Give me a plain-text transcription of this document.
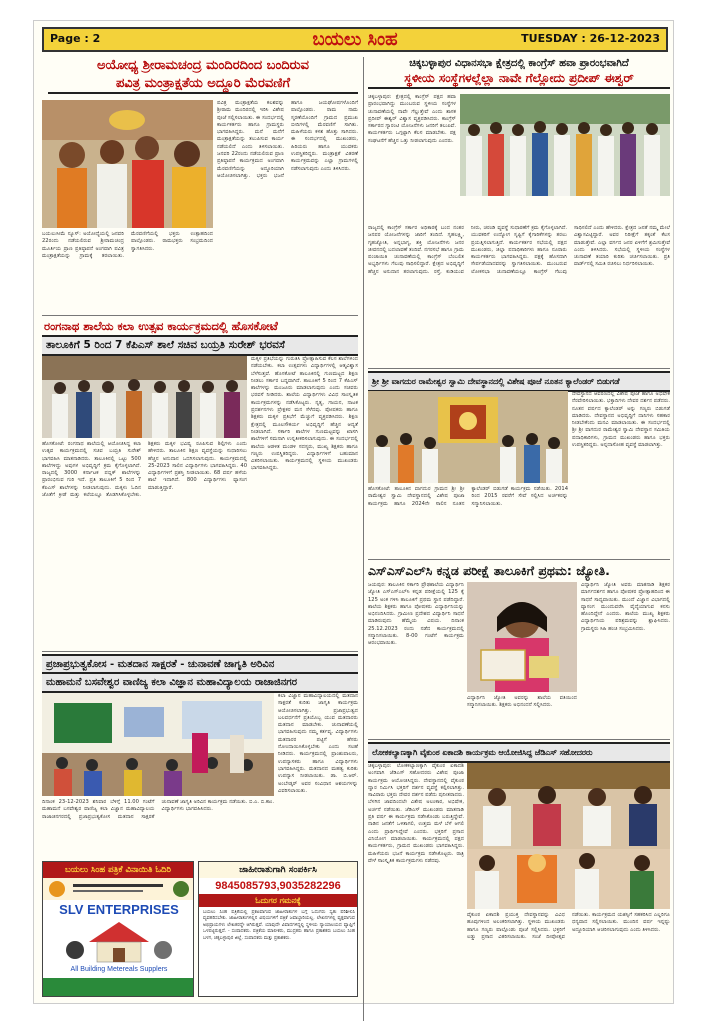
Page : 2	ಬಯಲು ಸಿಂಹ	TUESDAY : 26-12-2023
ಅಯೋಧ್ಯ ಶ್ರೀರಾಮಚಂದ್ರ ಮಂದಿರದಿಂದ ಬಂದಿರುವ
ಪವಿತ್ರ ಮಂತ್ರಾಕ್ಷತೆಯ ಅದ್ದೂರಿ ಮೆರವಣಿಗೆ
ಪವಿತ್ರ ಮಂತ್ರಾಕ್ಷತೆಯ ಕಲಶವನ್ನು ಶ್ರೀರಾಮ ಮಂದಿರದಲ್ಲಿ ಇರಿಸಿ ವಿಶೇಷ ಪೂಜೆ ಸಲ್ಲಿಸಲಾಯಿತು. ಈ ಸಂದರ್ಭದಲ್ಲಿ ಕಾರ್ಯಕರ್ತರು ಹಾಗೂ ಗ್ರಾಮಸ್ಥರು ಭಾಗವಹಿಸಿದ್ದರು. ಮನೆ ಮನೆಗೆ ಮಂತ್ರಾಕ್ಷತೆಯನ್ನು ತಲುಪಿಸುವ ಕಾರ್ಯ ನಡೆಯಲಿದೆ ಎಂದು ತಿಳಿಸಲಾಯಿತು. ಜನವರಿ 22ರಂದು ನಡೆಯಲಿರುವ ಪ್ರಾಣ ಪ್ರತಿಷ್ಠಾಪನೆ ಕಾರ್ಯಕ್ರಮದ ಅಂಗವಾಗಿ ಮೆರವಣಿಗೆಯನ್ನು ಅದ್ದೂರಿಯಾಗಿ ಆಯೋಜಿಸಲಾಗಿತ್ತು. ಭಕ್ತರು ಭಜನೆ ಹಾಗೂ ಜಯಘೋಷಗಳೊಂದಿಗೆ ಪಾಲ್ಗೊಂಡರು. ರಾಮ ನಾಮ ಸ್ಮರಣೆಯೊಂದಿಗೆ ಗ್ರಾಮದ ಪ್ರಮುಖ ಬೀದಿಗಳಲ್ಲಿ ಮೆರವಣಿಗೆ ಸಾಗಿತು. ಮಹಿಳೆಯರು ಕಳಶ ಹೊತ್ತು ಸಾಗಿದರು. ಈ ಸಂದರ್ಭದಲ್ಲಿ ಮುಖಂಡರು, ಹಿರಿಯರು ಹಾಗೂ ಯುವಕರು ಉಪಸ್ಥಿತರಿದ್ದರು. ಮಂತ್ರಾಕ್ಷತೆ ವಿತರಣೆ ಕಾರ್ಯಕ್ರಮವನ್ನು ಎಲ್ಲಾ ಗ್ರಾಮಗಳಲ್ಲಿ ನಡೆಸಲಾಗುವುದು ಎಂದು ತಿಳಿಸಿದರು.
ಬಯಲುಸೀಮೆ ನ್ಯೂಸ್: ಅಯೋಧ್ಯೆಯಲ್ಲಿ ಜನವರಿ 22ರಂದು ನಡೆಯಲಿರುವ ಶ್ರೀರಾಮಚಂದ್ರ ಮೂರ್ತಿಯ ಪ್ರಾಣ ಪ್ರತಿಷ್ಠಾಪನೆ ಅಂಗವಾಗಿ ಪವಿತ್ರ ಮಂತ್ರಾಕ್ಷತೆಯನ್ನು ಗ್ರಾಮಕ್ಕೆ ತರಲಾಯಿತು. ಮೆರವಣಿಗೆಯಲ್ಲಿ ಭಕ್ತರು ಉತ್ಸಾಹದಿಂದ ಪಾಲ್ಗೊಂಡರು. ರಾಮಭಕ್ತರು ಸಂಭ್ರಮದಿಂದ ಸ್ವಾಗತಿಸಿದರು.
ರಂಗನಾಥ ಶಾಲೆಯ ಕಲಾ ಉತ್ಸವ ಕಾರ್ಯಕ್ರಮದಲ್ಲಿ ಹೊಸಕೋಟೆ
ತಾಲೂಕಿಗೆ 5 ರಿಂದ 7 ಕೆಪಿಎಸ್ ಶಾಲೆ ಸಚಿವ ಬಯ್ರತಿ ಸುರೇಶ್ ಭರವಸೆ
ಮಕ್ಕಳ ಪ್ರತಿಭೆಯನ್ನು ಗುರುತಿಸಿ ಪ್ರೋತ್ಸಾಹಿಸುವ ಕೆಲಸ ಶಾಲೆಗಳಿಂದ ನಡೆಯಬೇಕು. ಕಲಾ ಉತ್ಸವಗಳು ವಿದ್ಯಾರ್ಥಿಗಳಲ್ಲಿ ಆತ್ಮವಿಶ್ವಾಸ ಬೆಳೆಸುತ್ತವೆ. ಹೊಸಕೋಟೆ ತಾಲೂಕಿನಲ್ಲಿ ಗುಣಮಟ್ಟದ ಶಿಕ್ಷಣ ನೀಡಲು ಸರ್ಕಾರ ಬದ್ಧವಾಗಿದೆ. ತಾಲೂಕಿಗೆ 5 ರಿಂದ 7 ಕೆಪಿಎಸ್ ಶಾಲೆಗಳನ್ನು ಮಂಜೂರು ಮಾಡಲಾಗುವುದು ಎಂದು ಸಚಿವರು ಭರವಸೆ ನೀಡಿದರು. ಶಾಲೆಯ ವಿದ್ಯಾರ್ಥಿಗಳು ವಿವಿಧ ಸಾಂಸ್ಕೃತಿಕ ಕಾರ್ಯಕ್ರಮಗಳನ್ನು ನಡೆಸಿಕೊಟ್ಟರು. ನೃತ್ಯ, ಗಾಯನ, ನಾಟಕ ಪ್ರದರ್ಶನಗಳು ಪ್ರೇಕ್ಷಕರ ಮನ ಸೆಳೆದವು. ಪೋಷಕರು ಹಾಗೂ ಶಿಕ್ಷಕರು ಮಕ್ಕಳ ಪ್ರತಿಭೆಗೆ ಮೆಚ್ಚುಗೆ ವ್ಯಕ್ತಪಡಿಸಿದರು. ಶಿಕ್ಷಣ ಕ್ಷೇತ್ರದಲ್ಲಿ ಮೂಲಸೌಕರ್ಯ ಅಭಿವೃದ್ಧಿಗೆ ಹೆಚ್ಚಿನ ಆದ್ಯತೆ ನೀಡಲಾಗಿದೆ. ಸರ್ಕಾರಿ ಶಾಲೆಗಳ ಗುಣಮಟ್ಟವನ್ನು ಖಾಸಗಿ ಶಾಲೆಗಳಿಗೆ ಸಮನಾಗಿ ಉನ್ನತೀಕರಿಸಲಾಗುವುದು. ಈ ಸಂದರ್ಭದಲ್ಲಿ ಶಾಲೆಯ ಆಡಳಿತ ಮಂಡಳಿ ಸದಸ್ಯರು, ಮುಖ್ಯ ಶಿಕ್ಷಕರು ಹಾಗೂ ಗಣ್ಯರು ಉಪಸ್ಥಿತರಿದ್ದರು. ವಿದ್ಯಾರ್ಥಿಗಳಿಗೆ ಬಹುಮಾನ ವಿತರಿಸಲಾಯಿತು. ಕಾರ್ಯಕ್ರಮದಲ್ಲಿ ಸ್ಥಳೀಯ ಮುಖಂಡರು ಭಾಗವಹಿಸಿದ್ದರು.
ಹೊಸಕೋಟೆ: ರಂಗನಾಥ ಶಾಲೆಯಲ್ಲಿ ಆಯೋಜಿಸಿದ್ದ ಕಲಾ ಉತ್ಸವ ಕಾರ್ಯಕ್ರಮದಲ್ಲಿ ಸಚಿವ ಬಯ್ರತಿ ಸುರೇಶ್ ಭಾಗವಹಿಸಿ ಮಾತನಾಡಿದರು. ತಾಲೂಕಿನಲ್ಲಿ ಒಟ್ಟು 500 ಶಾಲೆಗಳಿದ್ದು ಅವುಗಳ ಅಭಿವೃದ್ಧಿಗೆ ಕ್ರಮ ಕೈಗೊಳ್ಳಲಾಗಿದೆ. ರಾಜ್ಯದಲ್ಲಿ 3000 ಕರ್ನಾಟಕ ಪಬ್ಲಿಕ್ ಶಾಲೆಗಳನ್ನು ಪ್ರಾರಂಭಿಸುವ ಗುರಿ ಇದೆ. ಪ್ರತಿ ತಾಲೂಕಿಗೆ 5 ರಿಂದ 7 ಕೆಪಿಎಸ್ ಶಾಲೆಗಳನ್ನು ನೀಡಲಾಗುವುದು. ಮಕ್ಕಳು ಓದಿನ ಜೊತೆಗೆ ಕ್ರೀಡೆ ಮತ್ತು ಕಲೆಯಲ್ಲೂ ತೊಡಗಿಸಿಕೊಳ್ಳಬೇಕು. ಶಿಕ್ಷಕರು ಮಕ್ಕಳ ಭವಿಷ್ಯ ರೂಪಿಸುವ ಶಿಲ್ಪಿಗಳು ಎಂದು ಹೇಳಿದರು. ತಾಲೂಕಿನ ಶಿಕ್ಷಣ ವ್ಯವಸ್ಥೆಯನ್ನು ಸುಧಾರಿಸಲು ಹೆಚ್ಚಿನ ಅನುದಾನ ಒದಗಿಸಲಾಗುವುದು. ಕಾರ್ಯಕ್ರಮದಲ್ಲಿ 25-2023 ಸಾಲಿನ ವಿದ್ಯಾರ್ಥಿಗಳು ಭಾಗವಹಿಸಿದ್ದರು. 40 ವಿದ್ಯಾರ್ಥಿಗಳಿಗೆ ಪ್ರಶಸ್ತಿ ನೀಡಲಾಯಿತು. 68 ವರ್ಷ ಹಳೆಯ ಶಾಲೆ ಇದಾಗಿದೆ. 800 ವಿದ್ಯಾರ್ಥಿಗಳು ವ್ಯಾಸಂಗ ಮಾಡುತ್ತಿದ್ದಾರೆ.
ಪ್ರಜಾಪ್ರಭುತ್ವಕೋಸ - ಮತದಾನ ಸಾಕ್ಷರತೆ - ಚುನಾವಣೆ ಜಾಗೃತಿ ಅರಿವಿನ
ಮಹಾಮನೆ ಬಸವೇಶ್ವರ ವಾಣಿಜ್ಯ ಕಲಾ ವಿಜ್ಞಾನ ಮಹಾವಿದ್ಯಾಲಯ ರಾಜಾಜಿನಗರ
ಕಲಾ ವಿಜ್ಞಾನ ಮಹಾವಿದ್ಯಾಲಯದಲ್ಲಿ ಮತದಾನ ಸಾಕ್ಷರತೆ ಕುರಿತು ಜಾಗೃತಿ ಕಾರ್ಯಕ್ರಮ ಆಯೋಜಿಸಲಾಗಿತ್ತು. ಪ್ರಜಾಪ್ರಭುತ್ವದ ಬಲವರ್ಧನೆಗೆ ಪ್ರತಿಯೊಬ್ಬ ಯುವ ಮತದಾರರು ಮತದಾನ ಮಾಡಬೇಕು. ಚುನಾವಣೆಯಲ್ಲಿ ಭಾಗವಹಿಸುವುದು ನಮ್ಮ ಕರ್ತವ್ಯ. ವಿದ್ಯಾರ್ಥಿಗಳು ಮತದಾರರ ಪಟ್ಟಿಗೆ ಹೆಸರು ನೋಂದಾಯಿಸಿಕೊಳ್ಳಬೇಕು ಎಂದು ಸಲಹೆ ನೀಡಿದರು. ಕಾರ್ಯಕ್ರಮದಲ್ಲಿ ಪ್ರಾಂಶುಪಾಲರು, ಉಪನ್ಯಾಸಕರು ಹಾಗೂ ವಿದ್ಯಾರ್ಥಿಗಳು ಭಾಗವಹಿಸಿದ್ದರು. ಮತದಾನದ ಮಹತ್ವ ಕುರಿತು ಉಪನ್ಯಾಸ ನೀಡಲಾಯಿತು. ಡಾ. ಬಿ.ಆರ್. ಅಂಬೇಡ್ಕರ್ ಅವರ ಸಂವಿಧಾನ ಆಶಯಗಳನ್ನು ವಿವರಿಸಲಾಯಿತು.
ದಿನಾಂಕ 23-12-2023 ಶನಿವಾರ ಬೆಳಿಗ್ಗೆ 11.00 ಗಂಟೆಗೆ ಮಹಾಮನೆ ಬಸವೇಶ್ವರ ವಾಣಿಜ್ಯ ಕಲಾ ವಿಜ್ಞಾನ ಮಹಾವಿದ್ಯಾಲಯ ರಾಜಾಜಿನಗರದಲ್ಲಿ ಪ್ರಜಾಪ್ರಭುತ್ವಕೋಸ ಮತದಾನ ಸಾಕ್ಷರತೆ ಚುನಾವಣೆ ಜಾಗೃತಿ ಅರಿವಿನ ಕಾರ್ಯಕ್ರಮ ನಡೆಯಿತು. ಬಿ.ಎ. ಬಿ.ಕಾಂ. ವಿದ್ಯಾರ್ಥಿಗಳು ಭಾಗವಹಿಸಿದರು.
ಬಯಲು ಸಿಂಹ ಪತ್ರಿಕೆ ವಿನಾಯಿತಿ ಓದಿರಿ
SLV ENTERPRISES
All Building Metereals Supplers
ಜಾಹೀರಾತುಗಾಗಿ ಸಂಪರ್ಕಿಸಿ
9845085793,9035282296
ಓದುಗರ ಗಮನಕ್ಕೆ
ಬಯಲು ಸಿಂಹ ಪತ್ರಿಕೆಯಲ್ಲಿ ಪ್ರಕಟವಾಗುವ ಜಾಹೀರಾತುಗಳ ಬಗ್ಗೆ ಓದುಗರು ಸ್ವತಃ ಪರಿಶೀಲಿಸಿ ವ್ಯವಹರಿಸಬೇಕು. ಜಾಹೀರಾತುಗಳಲ್ಲಿನ ವಿಷಯಗಳಿಗೆ ಪತ್ರಿಕೆ ಜವಾಬ್ದಾರಿಯಲ್ಲ. ಲೇಖನಗಳಲ್ಲಿ ವ್ಯಕ್ತವಾಗುವ ಅಭಿಪ್ರಾಯಗಳು ಲೇಖಕರದ್ದೇ ಆಗಿರುತ್ತವೆ. ಯಾವುದೇ ವಿವಾದಗಳಿದ್ದಲ್ಲಿ ಸ್ಥಳೀಯ ನ್ಯಾಯಾಲಯದ ವ್ಯಾಪ್ತಿಗೆ ಒಳಪಟ್ಟಿರುತ್ತದೆ. - ಸಂಪಾದಕರು. ಪತ್ರಿಕೆಯ ಮಾಲೀಕರು, ಮುದ್ರಕರು ಹಾಗೂ ಪ್ರಕಾಶಕರು ಬಯಲು ಸಿಂಹ ಬಳಗ, ಚಿಕ್ಕಬಳ್ಳಾಪುರ ಜಿಲ್ಲೆ. ಸಂಪಾದಕರು ಮತ್ತು ಪ್ರಕಾಶಕರು.
ಚಿಕ್ಕಬಳ್ಳಾಪುರ ವಿಧಾನಸಭಾ ಕ್ಷೇತ್ರದಲ್ಲಿ ಕಾಂಗ್ರೆಸ್ ಹವಾ ಪ್ರಾರಂಭವಾಗಿದೆ
ಸ್ಥಳೀಯ ಸಂಸ್ಥೆಗಳಲ್ಲೆಲ್ಲಾ ನಾವೇ ಗೆಲ್ಲೋದು ಪ್ರದೀಪ್ ಈಶ್ವರ್
ಚಿಕ್ಕಬಳ್ಳಾಪುರ: ಕ್ಷೇತ್ರದಲ್ಲಿ ಕಾಂಗ್ರೆಸ್ ಪಕ್ಷದ ಹವಾ ಪ್ರಾರಂಭವಾಗಿದ್ದು ಮುಂಬರುವ ಸ್ಥಳೀಯ ಸಂಸ್ಥೆಗಳ ಚುನಾವಣೆಯಲ್ಲಿ ನಾವೇ ಗೆಲ್ಲುತ್ತೇವೆ ಎಂದು ಶಾಸಕ ಪ್ರದೀಪ್ ಈಶ್ವರ್ ವಿಶ್ವಾಸ ವ್ಯಕ್ತಪಡಿಸಿದರು. ಕಾಂಗ್ರೆಸ್ ಸರ್ಕಾರದ ಗ್ಯಾರಂಟಿ ಯೋಜನೆಗಳು ಜನರಿಗೆ ತಲುಪಿವೆ. ಕಾರ್ಯಕರ್ತರು ಒಗ್ಗಟ್ಟಾಗಿ ಕೆಲಸ ಮಾಡಬೇಕು. ಪಕ್ಷ ಸಂಘಟನೆಗೆ ಹೆಚ್ಚಿನ ಒತ್ತು ನೀಡಲಾಗುವುದು ಎಂದರು.
ರಾಜ್ಯದಲ್ಲಿ ಕಾಂಗ್ರೆಸ್ ಸರ್ಕಾರ ಅಧಿಕಾರಕ್ಕೆ ಬಂದ ನಂತರ ಜನಪರ ಯೋಜನೆಗಳನ್ನು ಜಾರಿಗೆ ತಂದಿದೆ. ಗೃಹಲಕ್ಷ್ಮಿ, ಗೃಹಜ್ಯೋತಿ, ಅನ್ನಭಾಗ್ಯ, ಶಕ್ತಿ ಯೋಜನೆಗಳು ಜನರ ಜೀವನದಲ್ಲಿ ಬದಲಾವಣೆ ತಂದಿವೆ. ನಗರಸಭೆ ಹಾಗೂ ಗ್ರಾಮ ಪಂಚಾಯಿತಿ ಚುನಾವಣೆಯಲ್ಲಿ ಕಾಂಗ್ರೆಸ್ ಬೆಂಬಲಿತ ಅಭ್ಯರ್ಥಿಗಳು ಗೆಲುವು ಸಾಧಿಸಲಿದ್ದಾರೆ. ಕ್ಷೇತ್ರದ ಅಭಿವೃದ್ಧಿಗೆ ಹೆಚ್ಚಿನ ಅನುದಾನ ತರಲಾಗುವುದು. ರಸ್ತೆ, ಕುಡಿಯುವ ನೀರು, ಚರಂಡಿ ವ್ಯವಸ್ಥೆ ಸುಧಾರಣೆಗೆ ಕ್ರಮ ಕೈಗೊಳ್ಳಲಾಗಿದೆ. ಯುವಕರಿಗೆ ಉದ್ಯೋಗ ಸೃಷ್ಟಿಗೆ ಕೈಗಾರಿಕೆಗಳನ್ನು ತರಲು ಪ್ರಯತ್ನಿಸಲಾಗುತ್ತಿದೆ. ಕಾರ್ಯಕರ್ತರ ಸಭೆಯಲ್ಲಿ ಪಕ್ಷದ ಮುಖಂಡರು, ಜಿಲ್ಲಾ ಪದಾಧಿಕಾರಿಗಳು ಹಾಗೂ ನೂರಾರು ಕಾರ್ಯಕರ್ತರು ಭಾಗವಹಿಸಿದ್ದರು. ಪಕ್ಷಕ್ಕೆ ಹೊಸದಾಗಿ ಸೇರ್ಪಡೆಯಾದವರನ್ನು ಸ್ವಾಗತಿಸಲಾಯಿತು. ಮುಂಬರುವ ಲೋಕಸಭಾ ಚುನಾವಣೆಯಲ್ಲೂ ಕಾಂಗ್ರೆಸ್ ಗೆಲುವು ಸಾಧಿಸಲಿದೆ ಎಂದು ಹೇಳಿದರು. ಕ್ಷೇತ್ರದ ಜನತೆ ನಮ್ಮ ಮೇಲೆ ವಿಶ್ವಾಸವಿಟ್ಟಿದ್ದಾರೆ. ಅವರ ನಿರೀಕ್ಷೆಗೆ ತಕ್ಕಂತೆ ಕೆಲಸ ಮಾಡುತ್ತೇವೆ. ಎಲ್ಲಾ ವರ್ಗದ ಜನರ ಏಳಿಗೆಗೆ ಶ್ರಮಿಸುತ್ತೇವೆ ಎಂದು ತಿಳಿಸಿದರು. ಸಭೆಯಲ್ಲಿ ಸ್ಥಳೀಯ ಸಂಸ್ಥೆಗಳ ಚುನಾವಣೆ ತಯಾರಿ ಕುರಿತು ಚರ್ಚಿಸಲಾಯಿತು. ಪ್ರತಿ ವಾರ್ಡ್‌ನಲ್ಲಿ ಸಮಿತಿ ರಚಿಸಲು ನಿರ್ಧರಿಸಲಾಯಿತು.
ಶ್ರೀ ಶ್ರೀ ವಾಗದುರ ರಾಮೇಶ್ವರ ಸ್ವಾಮಿ ದೇವಸ್ಥಾನದಲ್ಲಿ ವಿಶೇಷ ಪೂಜೆ ನೂತನ ಕ್ಯಾಲೆಂಡರ್ ಬಿಡುಗಡೆ
ದೇವಸ್ಥಾನದ ಆವರಣದಲ್ಲಿ ವಿಶೇಷ ಪೂಜೆ ಹಾಗೂ ಅಭಿಷೇಕ ನೆರವೇರಿಸಲಾಯಿತು. ಭಕ್ತಾದಿಗಳು ದೇವರ ದರ್ಶನ ಪಡೆದರು. ನೂತನ ವರ್ಷದ ಕ್ಯಾಲೆಂಡರ್ ಅನ್ನು ಗಣ್ಯರು ಬಿಡುಗಡೆ ಮಾಡಿದರು. ದೇವಸ್ಥಾನದ ಅಭಿವೃದ್ಧಿಗೆ ದಾನಿಗಳು ಸಹಕಾರ ನೀಡಬೇಕೆಂದು ಮನವಿ ಮಾಡಲಾಯಿತು. ಈ ಸಂದರ್ಭದಲ್ಲಿ ಶ್ರೀ ಶ್ರೀ ವಾಗದುರ ರಾಮೇಶ್ವರ ಸ್ವಾಮಿ ದೇವಸ್ಥಾನ ಸಮಿತಿಯ ಪದಾಧಿಕಾರಿಗಳು, ಗ್ರಾಮದ ಮುಖಂಡರು ಹಾಗೂ ಭಕ್ತರು ಉಪಸ್ಥಿತರಿದ್ದರು. ಅನ್ನದಾಸೋಹ ವ್ಯವಸ್ಥೆ ಮಾಡಲಾಗಿತ್ತು.
ಹೊಸಕೋಟೆ: ತಾಲೂಕಿನ ವಾಗದುರ ಗ್ರಾಮದ ಶ್ರೀ ಶ್ರೀ ರಾಮೇಶ್ವರ ಸ್ವಾಮಿ ದೇವಸ್ಥಾನದಲ್ಲಿ ವಿಶೇಷ ಪೂಜಾ ಕಾರ್ಯಕ್ರಮ ಹಾಗೂ 2024ನೇ ಸಾಲಿನ ನೂತನ ಕ್ಯಾಲೆಂಡರ್ ಬಿಡುಗಡೆ ಕಾರ್ಯಕ್ರಮ ನಡೆಯಿತು. 2014 ರಿಂದ 2015 ರವರೆಗೆ ಸೇವೆ ಸಲ್ಲಿಸಿದ ಅರ್ಚಕರನ್ನು ಸನ್ಮಾನಿಸಲಾಯಿತು.
ಎಸ್ಎಸ್ಎಲ್‌ಸಿ ಕನ್ನಡ ಪರೀಕ್ಷೆ ತಾಲೂಕಿಗೆ ಪ್ರಥಮ: ಜ್ಯೋತಿ.
ಜಯಪುರ: ತಾಲೂಕಿನ ಸರ್ಕಾರಿ ಪ್ರೌಢಶಾಲೆಯ ವಿದ್ಯಾರ್ಥಿನಿ ಜ್ಯೋತಿ ಎಸ್ಎಸ್ಎಲ್‌ಸಿ ಕನ್ನಡ ಪರೀಕ್ಷೆಯಲ್ಲಿ 125 ಕ್ಕೆ 125 ಅಂಕ ಗಳಿಸಿ ತಾಲೂಕಿಗೆ ಪ್ರಥಮ ಸ್ಥಾನ ಪಡೆದಿದ್ದಾರೆ. ಶಾಲೆಯ ಶಿಕ್ಷಕರು ಹಾಗೂ ಪೋಷಕರು ವಿದ್ಯಾರ್ಥಿನಿಯನ್ನು ಅಭಿನಂದಿಸಿದರು. ಗ್ರಾಮೀಣ ಪ್ರದೇಶದ ವಿದ್ಯಾರ್ಥಿನಿ ಸಾಧನೆ ಮಾಡಿರುವುದು ಹೆಮ್ಮೆಯ ವಿಷಯ. ದಿನಾಂಕ 25.12.2023 ರಂದು ನಡೆದ ಕಾರ್ಯಕ್ರಮದಲ್ಲಿ ಸನ್ಮಾನಿಸಲಾಯಿತು. 8-00 ಗಂಟೆಗೆ ಕಾರ್ಯಕ್ರಮ ಆರಂಭವಾಯಿತು.
ವಿದ್ಯಾರ್ಥಿನಿ ಜ್ಯೋತಿ ಅವರು ಮಾತನಾಡಿ ಶಿಕ್ಷಕರ ಮಾರ್ಗದರ್ಶನ ಹಾಗೂ ಪೋಷಕರ ಪ್ರೋತ್ಸಾಹದಿಂದ ಈ ಸಾಧನೆ ಸಾಧ್ಯವಾಯಿತು. ಮುಂದೆ ವಿಜ್ಞಾನ ವಿಭಾಗದಲ್ಲಿ ವ್ಯಾಸಂಗ ಮುಂದುವರೆಸಿ ವೈದ್ಯೆಯಾಗುವ ಕನಸು ಹೊಂದಿದ್ದೇನೆ ಎಂದರು. ಶಾಲೆಯ ಮುಖ್ಯ ಶಿಕ್ಷಕರು ವಿದ್ಯಾರ್ಥಿನಿಯ ಪರಿಶ್ರಮವನ್ನು ಶ್ಲಾಘಿಸಿದರು. ಗ್ರಾಮಸ್ಥರು ಸಿಹಿ ಹಂಚಿ ಸಂಭ್ರಮಿಸಿದರು.
ವಿದ್ಯಾರ್ಥಿನಿ ಜ್ಯೋತಿ ಅವರನ್ನು ಶಾಲೆಯ ವತಿಯಿಂದ ಸನ್ಮಾನಿಸಲಾಯಿತು. ಶಿಕ್ಷಕರು ಅಭಿನಂದನೆ ಸಲ್ಲಿಸಿದರು.
ಲೋಕಕಲ್ಯಾಣಕ್ಕಾಗಿ ವೈಕುಂಠ ಏಕಾದಶಿ ಕಾರ್ಯಕ್ರಮ ಆಯೋಜಿಸಿದ್ದ ಜೆಡಿಎಸ್ ಸಹೋದರರು
ಚಿಕ್ಕಬಳ್ಳಾಪುರ: ಲೋಕಕಲ್ಯಾಣಕ್ಕಾಗಿ ವೈಕುಂಠ ಏಕಾದಶಿ ಅಂಗವಾಗಿ ಜೆಡಿಎಸ್ ಸಹೋದರರು ವಿಶೇಷ ಪೂಜಾ ಕಾರ್ಯಕ್ರಮ ಆಯೋಜಿಸಿದ್ದರು. ದೇವಸ್ಥಾನದಲ್ಲಿ ವೈಕುಂಠ ದ್ವಾರ ನಿರ್ಮಿಸಿ ಭಕ್ತರಿಗೆ ದರ್ಶನ ವ್ಯವಸ್ಥೆ ಕಲ್ಪಿಸಲಾಗಿತ್ತು. ಸಾವಿರಾರು ಭಕ್ತರು ದೇವರ ದರ್ಶನ ಪಡೆದು ಪುನೀತರಾದರು. ಬೆಳಗಿನ ಜಾವದಿಂದಲೇ ವಿಶೇಷ ಅಲಂಕಾರ, ಅಭಿಷೇಕ, ಅರ್ಚನೆ ನಡೆಯಿತು. ಜೆಡಿಎಸ್ ಮುಖಂಡರು ಮಾತನಾಡಿ ಪ್ರತಿ ವರ್ಷ ಈ ಕಾರ್ಯಕ್ರಮ ನಡೆಸಿಕೊಂಡು ಬರುತ್ತಿದ್ದೇವೆ. ನಾಡಿನ ಜನತೆಗೆ ಒಳಿತಾಗಲಿ, ಉತ್ತಮ ಮಳೆ ಬೆಳೆ ಆಗಲಿ ಎಂದು ಪ್ರಾರ್ಥಿಸಿದ್ದೇವೆ ಎಂದರು. ಭಕ್ತರಿಗೆ ಪ್ರಸಾದ ವಿನಿಯೋಗ ಮಾಡಲಾಯಿತು. ಕಾರ್ಯಕ್ರಮದಲ್ಲಿ ಪಕ್ಷದ ಕಾರ್ಯಕರ್ತರು, ಗ್ರಾಮದ ಮುಖಂಡರು ಭಾಗವಹಿಸಿದ್ದರು. ಮಹಿಳೆಯರು ಭಜನೆ ಕಾರ್ಯಕ್ರಮ ನಡೆಸಿಕೊಟ್ಟರು. ರಾತ್ರಿ ವೇಳೆ ಸಾಂಸ್ಕೃತಿಕ ಕಾರ್ಯಕ್ರಮಗಳು ನಡೆದವು.
ವೈಕುಂಠ ಏಕಾದಶಿ ಪ್ರಯುಕ್ತ ದೇವಸ್ಥಾನವನ್ನು ವಿವಿಧ ಹೂವುಗಳಿಂದ ಅಲಂಕರಿಸಲಾಗಿತ್ತು. ಸ್ಥಳೀಯ ಮುಖಂಡರು ಹಾಗೂ ಗಣ್ಯರು ಪಾಲ್ಗೊಂಡು ಪೂಜೆ ಸಲ್ಲಿಸಿದರು. ಭಕ್ತರಿಗೆ ಲಡ್ಡು ಪ್ರಸಾದ ವಿತರಿಸಲಾಯಿತು. ಸಂಜೆ ದೀಪೋತ್ಸವ ನಡೆಯಿತು. ಕಾರ್ಯಕ್ರಮದ ಯಶಸ್ಸಿಗೆ ಸಹಕರಿಸಿದ ಎಲ್ಲರಿಗೂ ಧನ್ಯವಾದ ಸಲ್ಲಿಸಲಾಯಿತು. ಮುಂದಿನ ವರ್ಷ ಇನ್ನಷ್ಟು ಅದ್ದೂರಿಯಾಗಿ ಆಚರಿಸಲಾಗುವುದು ಎಂದು ತಿಳಿಸಿದರು.
